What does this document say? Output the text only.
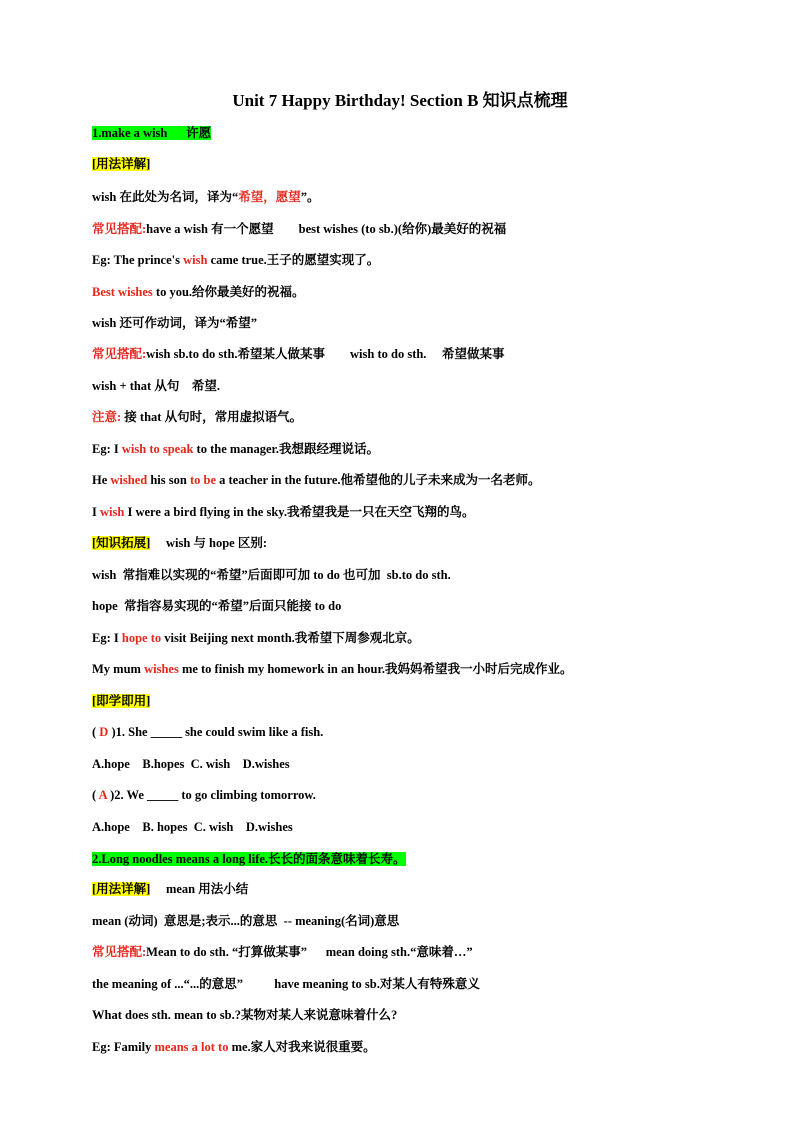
Unit 7 Happy Birthday! Section B 知识点梳理

1.make a wish      许愿

[用法详解]

wish 在此处为名词，译为“希望，愿望”。

常见搭配:have a wish 有一个愿望        best wishes (to sb.)(给你)最美好的祝福

Eg: The prince's wish came true.王子的愿望实现了。

Best wishes to you.给你最美好的祝福。

wish 还可作动词，译为“希望”

常见搭配:wish sb.to do sth.希望某人做某事        wish to do sth.     希望做某事

wish + that 从句    希望.

注意: 接 that 从句时，常用虚拟语气。

Eg: I wish to speak to the manager.我想跟经理说话。

He wished his son to be a teacher in the future.他希望他的儿子未来成为一名老师。

I wish I were a bird flying in the sky.我希望我是一只在天空飞翔的鸟。

[知识拓展]     wish 与 hope 区别:

wish  常指难以实现的“希望”后面即可加 to do 也可加  sb.to do sth.

hope  常指容易实现的“希望”后面只能接 to do

Eg: I hope to visit Beijing next month.我希望下周参观北京。

My mum wishes me to finish my homework in an hour.我妈妈希望我一小时后完成作业。

[即学即用]

( D )1. She _____ she could swim like a fish.

A.hope    B.hopes  C. wish    D.wishes

( A )2. We _____ to go climbing tomorrow.

A.hope    B. hopes  C. wish    D.wishes

2.Long noodles means a long life.长长的面条意味着长寿。

[用法详解]     mean 用法小结

mean (动词)  意思是;表示...的意思  -- meaning(名词)意思

常见搭配:Mean to do sth. “打算做某事”      mean doing sth.“意味着…”

the meaning of ...“...的意思”          have meaning to sb.对某人有特殊意义

What does sth. mean to sb.?某物对某人来说意味着什么?

Eg: Family means a lot to me.家人对我来说很重要。
